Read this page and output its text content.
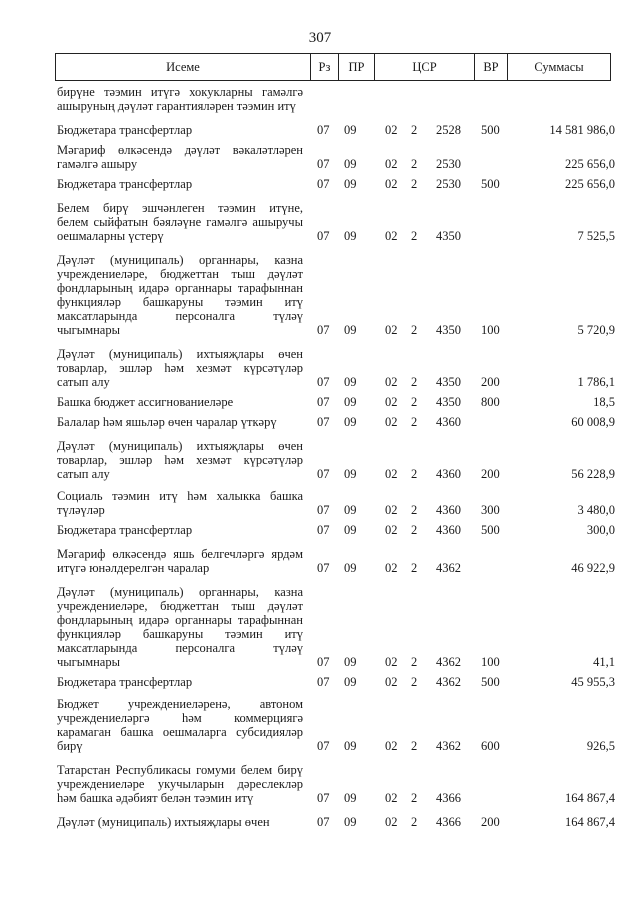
307
Исеме	Рз	ПР	ЦСР	ВР	Суммасы
бирүне тәэмин итүгә хокукларны гамәлгә
ашыруның дәүләт гарантияләрен тәэмин итү
Бюджетара трансфертлар	07 09 02 2 2528 500	14 581 986,0
Мәгариф өлкәсендә дәүләт вәкаләтләрен
гамәлгә ашыру	07 09 02 2 2530	225 656,0
Бюджетара трансфертлар	07 09 02 2 2530 500	225 656,0
Белем бирү эшчәнлеген тәэмин итүне,
белем сыйфатын бәяләүне гамәлгә ашыручы
оешмаларны үстерү	07 09 02 2 4350	7 525,5
Дәүләт (муниципаль) органнары, казна
учреждениеләре, бюджеттан тыш дәүләт
фондларының идарә органнары тарафыннан
функцияләр башкаруны тәэмин итү
максатларында персоналга түләү
чыгымнары	07 09 02 2 4350 100	5 720,9
Дәүләт (муниципаль) ихтыяҗлары өчен
товарлар, эшләр һәм хезмәт күрсәтүләр
сатып алу	07 09 02 2 4350 200	1 786,1
Башка бюджет ассигнованиеләре	07 09 02 2 4350 800	18,5
Балалар һәм яшьләр өчен чаралар үткәрү	07 09 02 2 4360	60 008,9
Дәүләт (муниципаль) ихтыяҗлары өчен
товарлар, эшләр һәм хезмәт күрсәтүләр
сатып алу	07 09 02 2 4360 200	56 228,9
Социаль тәэмин итү һәм халыкка башка
түләүләр	07 09 02 2 4360 300	3 480,0
Бюджетара трансфертлар	07 09 02 2 4360 500	300,0
Мәгариф өлкәсендә яшь белгечләргә ярдәм
итүгә юнәлдерелгән чаралар	07 09 02 2 4362	46 922,9
Дәүләт (муниципаль) органнары, казна
учреждениеләре, бюджеттан тыш дәүләт
фондларының идарә органнары тарафыннан
функцияләр башкаруны тәэмин итү
максатларында персоналга түләү
чыгымнары	07 09 02 2 4362 100	41,1
Бюджетара трансфертлар	07 09 02 2 4362 500	45 955,3
Бюджет учреждениеләренә, автоном
учреждениеләргә һәм коммерциягә
карамаган башка оешмаларга субсидияләр
бирү	07 09 02 2 4362 600	926,5
Татарстан Республикасы гомуми белем бирү
учреждениеләре укучыларын дәреслекләр
һәм башка әдәбият белән тәэмин итү	07 09 02 2 4366	164 867,4
Дәүләт (муниципаль) ихтыяҗлары өчен	07 09 02 2 4366 200	164 867,4
